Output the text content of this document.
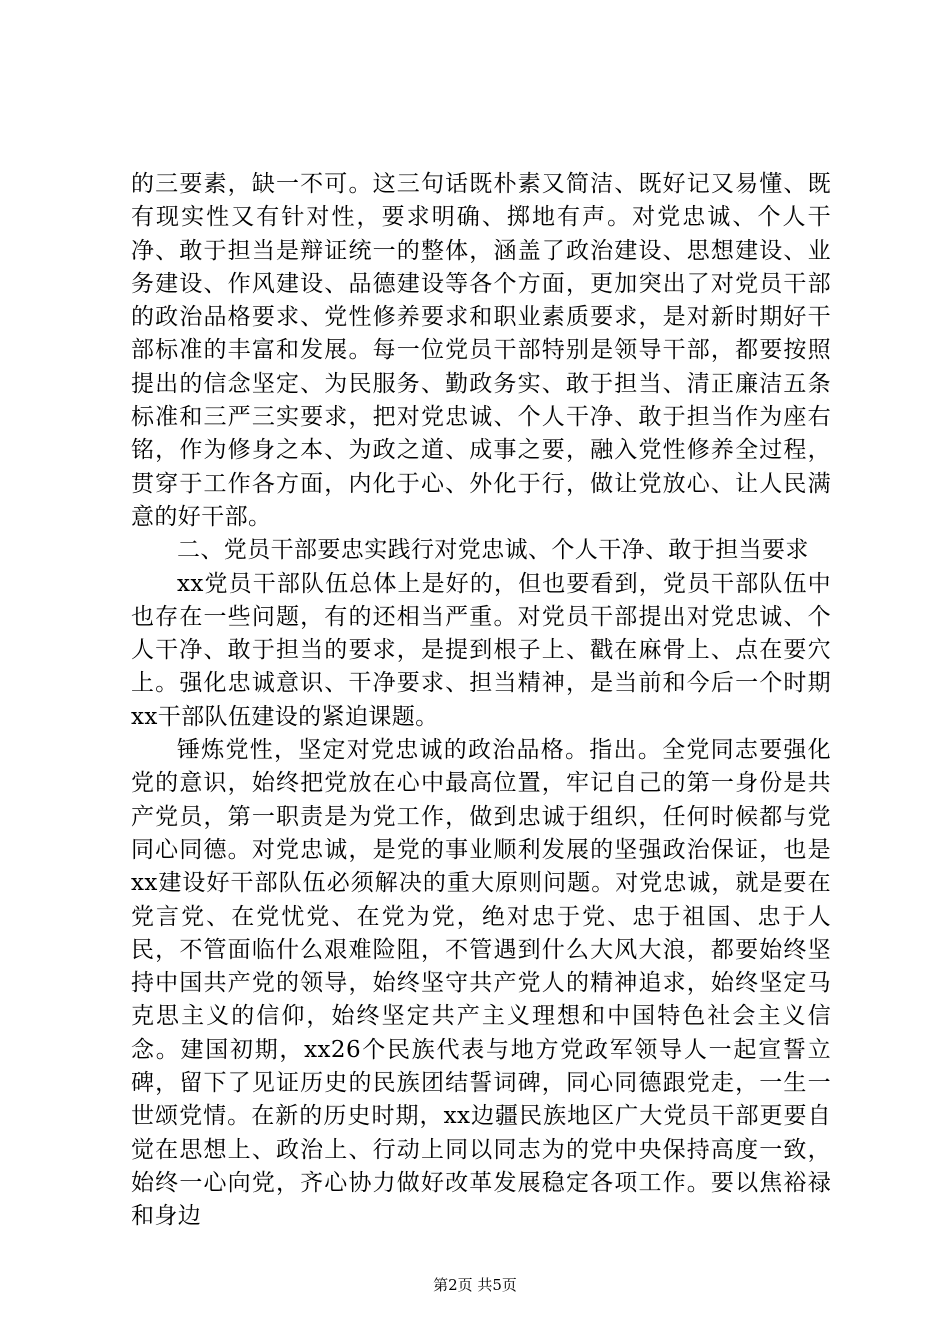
的三要素，缺一不可。这三句话既朴素又简洁、既好记又易懂、既有现实性又有针对性，要求明确、掷地有声。对党忠诚、个人干净、敢于担当是辩证统一的整体，涵盖了政治建设、思想建设、业务建设、作风建设、品德建设等各个方面，更加突出了对党员干部的政治品格要求、党性修养要求和职业素质要求，是对新时期好干部标准的丰富和发展。每一位党员干部特别是领导干部，都要按照提出的信念坚定、为民服务、勤政务实、敢于担当、清正廉洁五条标准和三严三实要求，把对党忠诚、个人干净、敢于担当作为座右铭，作为修身之本、为政之道、成事之要，融入党性修养全过程，贯穿于工作各方面，内化于心、外化于行，做让党放心、让人民满意的好干部。

二、党员干部要忠实践行对党忠诚、个人干净、敢于担当要求

xx党员干部队伍总体上是好的，但也要看到，党员干部队伍中也存在一些问题，有的还相当严重。对党员干部提出对党忠诚、个人干净、敢于担当的要求，是提到根子上、戳在麻骨上、点在要穴上。强化忠诚意识、干净要求、担当精神，是当前和今后一个时期xx干部队伍建设的紧迫课题。

锤炼党性，坚定对党忠诚的政治品格。指出。全党同志要强化党的意识，始终把党放在心中最高位置，牢记自己的第一身份是共产党员，第一职责是为党工作，做到忠诚于组织，任何时候都与党同心同德。对党忠诚，是党的事业顺利发展的坚强政治保证，也是xx建设好干部队伍必须解决的重大原则问题。对党忠诚，就是要在党言党、在党忧党、在党为党，绝对忠于党、忠于祖国、忠于人民，不管面临什么艰难险阻，不管遇到什么大风大浪，都要始终坚持中国共产党的领导，始终坚守共产党人的精神追求，始终坚定马克思主义的信仰，始终坚定共产主义理想和中国特色社会主义信念。建国初期，xx26个民族代表与地方党政军领导人一起宣誓立碑，留下了见证历史的民族团结誓词碑，同心同德跟党走，一生一世颂党情。在新的历史时期，xx边疆民族地区广大党员干部更要自觉在思想上、政治上、行动上同以同志为的党中央保持高度一致，始终一心向党，齐心协力做好改革发展稳定各项工作。要以焦裕禄和身边

第2页 共5页
